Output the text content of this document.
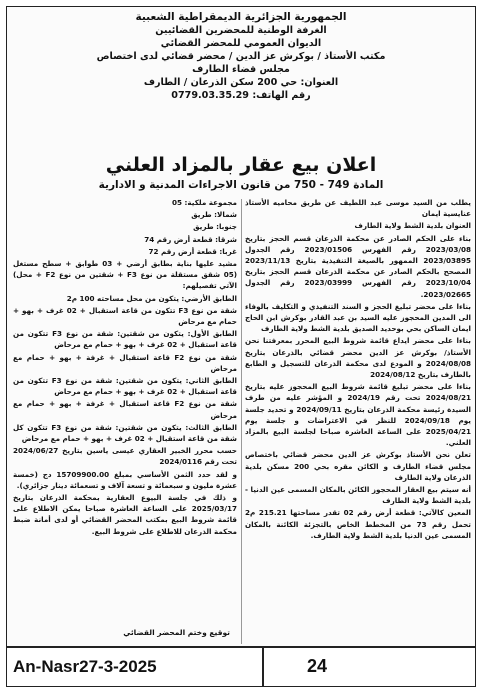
الجمهورية الجزائرية الديمقراطية الشعبية
الغرفة الوطنية للمحضرين القضائيين
الديوان العمومي للمحضر القضائي
مكتب الأستاذ / بوكرش عز الدين / محضر قضائي لدى اختصاص
مجلس قضاء الطارف
العنوان: حي 200 سكن الذرعان / الطارف
رقم الهاتف: 0779.03.35.29
اعلان بيع عقار بالمزاد العلني
المادة 749 - 750 من قانون الاجراءات المدنية و الادارية

يطلب من السيد موسى عبد اللطيف عن طريق محاميه الأستاذ عنايسية ايمان

العنوان بلدية الشط ولاية الطارف

بناء على الحكم الصادر عن محكمة الذرعان قسم الحجز بتاريخ 2023/03/08 رقم الفهرس 2023/01506 رقم الجدول 2023/03895 الممهور بالصيغة التنفيذية بتاريخ 2023/11/13 المصحح بالحكم الصادر عن محكمة الذرعان قسم الحجز بتاريخ 2023/10/04 رقم الفهرس 2023/03999 رقم الجدول 2023/02665.

بناءا على محضر تبليغ الحجز و السند التنفيذي و التكليف بالوفاء الى المدين المحجوز عليه السيد بن عبد القادر بوكرش ابن الحاج ايمان الساكن بحي بوحديد الصديق بلدية الشط ولاية الطارف

بناءا على محضر ايداع قائمة شروط البيع المحرر بمعرفتنا نحن الأستاذ/ بوكرش عز الدين محضر قضائي بالذرعان بتاريخ 2024/08/08 و المودع لدى محكمة الذرعان للتسجيل و الطابع بالطارف بتاريخ 2024/08/12

بناءا على محضر تبليغ قائمة شروط البيع المحجوز عليه بتاريخ 2024/08/21 تحت رقم 2024/19 و المؤشر عليه من طرف السيدة رئيسة محكمة الذرعان بتاريخ 2024/09/11 و تحديد جلسة يوم 2024/09/18 للنظر في الاعتراضات و جلسة يوم 2025/04/21 على الساعة العاشرة صباحا لجلسة البيع بالمزاد العلني.

تعلن نحن الأستاذ بوكرش عز الدين محضر قضائي باختصاص مجلس قضاء الطارف و الكائن مقره بحي 200 مسكن بلدية الذرعان ولاية الطارف

أنه سيتم بيع العقار المحجوز الكائن بالمكان المسمى عين الدنيا - بلدية الشط ولاية الطارف

المعين كالآتي: قطعة أرض رقم 02 تقدر مساحتها 215.21 م2 تحمل رقم 73 من المخطط الخاص بالتجزئة الكائنة بالمكان المسمى عين الدنيا بلدية الشط ولاية الطارف.

مجموعة ملكية: 05

شمالا: طريق

جنوبا: طريق

شرقا: قطعة أرض رقم 74

غربا: قطعة أرض رقم 72

مشيد عليها بناية بطابق أرضي + 03 طوابق + سطح مستغل (05 شقق مستقلة من نوع F3 + شقتين من نوع F2 + محل) الآتي تفصيلهم:

الطابق الأرضي: يتكون من محل مساحته 100 م2

شقة من نوع F3 تتكون من قاعة استقبال + 02 غرف + بهو + حمام مع مرحاض

الطابق الأول: يتكون من شقتين: شقة من نوع F3 تتكون من قاعة استقبال + 02 غرف + بهو + حمام مع مرحاض

شقة من نوع F2 قاعة استقبال + غرفة + بهو + حمام مع مرحاض

الطابق الثاني: يتكون من شقتين: شقة من نوع F3 تتكون من قاعة استقبال + 02 غرف + بهو + حمام مع مرحاض

شقة من نوع F2 قاعة استقبال + غرفة + بهو + حمام مع مرحاض

الطابق الثالث: يتكون من شقتين: شقة من نوع F3 تتكون كل شقة من قاعة استقبال + 02 غرف + بهو + حمام مع مرحاض

حسب محرر الخبير العقاري عيسى ياسين بتاريخ 2024/06/27 تحت رقم 2024/0116

و لقد حدد الثمن الأساسي بمبلغ 15709900.00 دج (خمسة عشرة مليون و سبعمائة و تسعة آلاف و تسعمائة دينار جزائري).

و ذلك في جلسة البيوع العقارية بمحكمة الذرعان بتاريخ 2025/03/17 على الساعة العاشرة صباحا يمكن الاطلاع على قائمة شروط البيع بمكتب المحضر القضائي أو لدى أمانة ضبط محكمة الذرعان للاطلاع على شروط البيع.

توقيع وختم المحضر القضائي
An-Nasr27-3-2025	24
